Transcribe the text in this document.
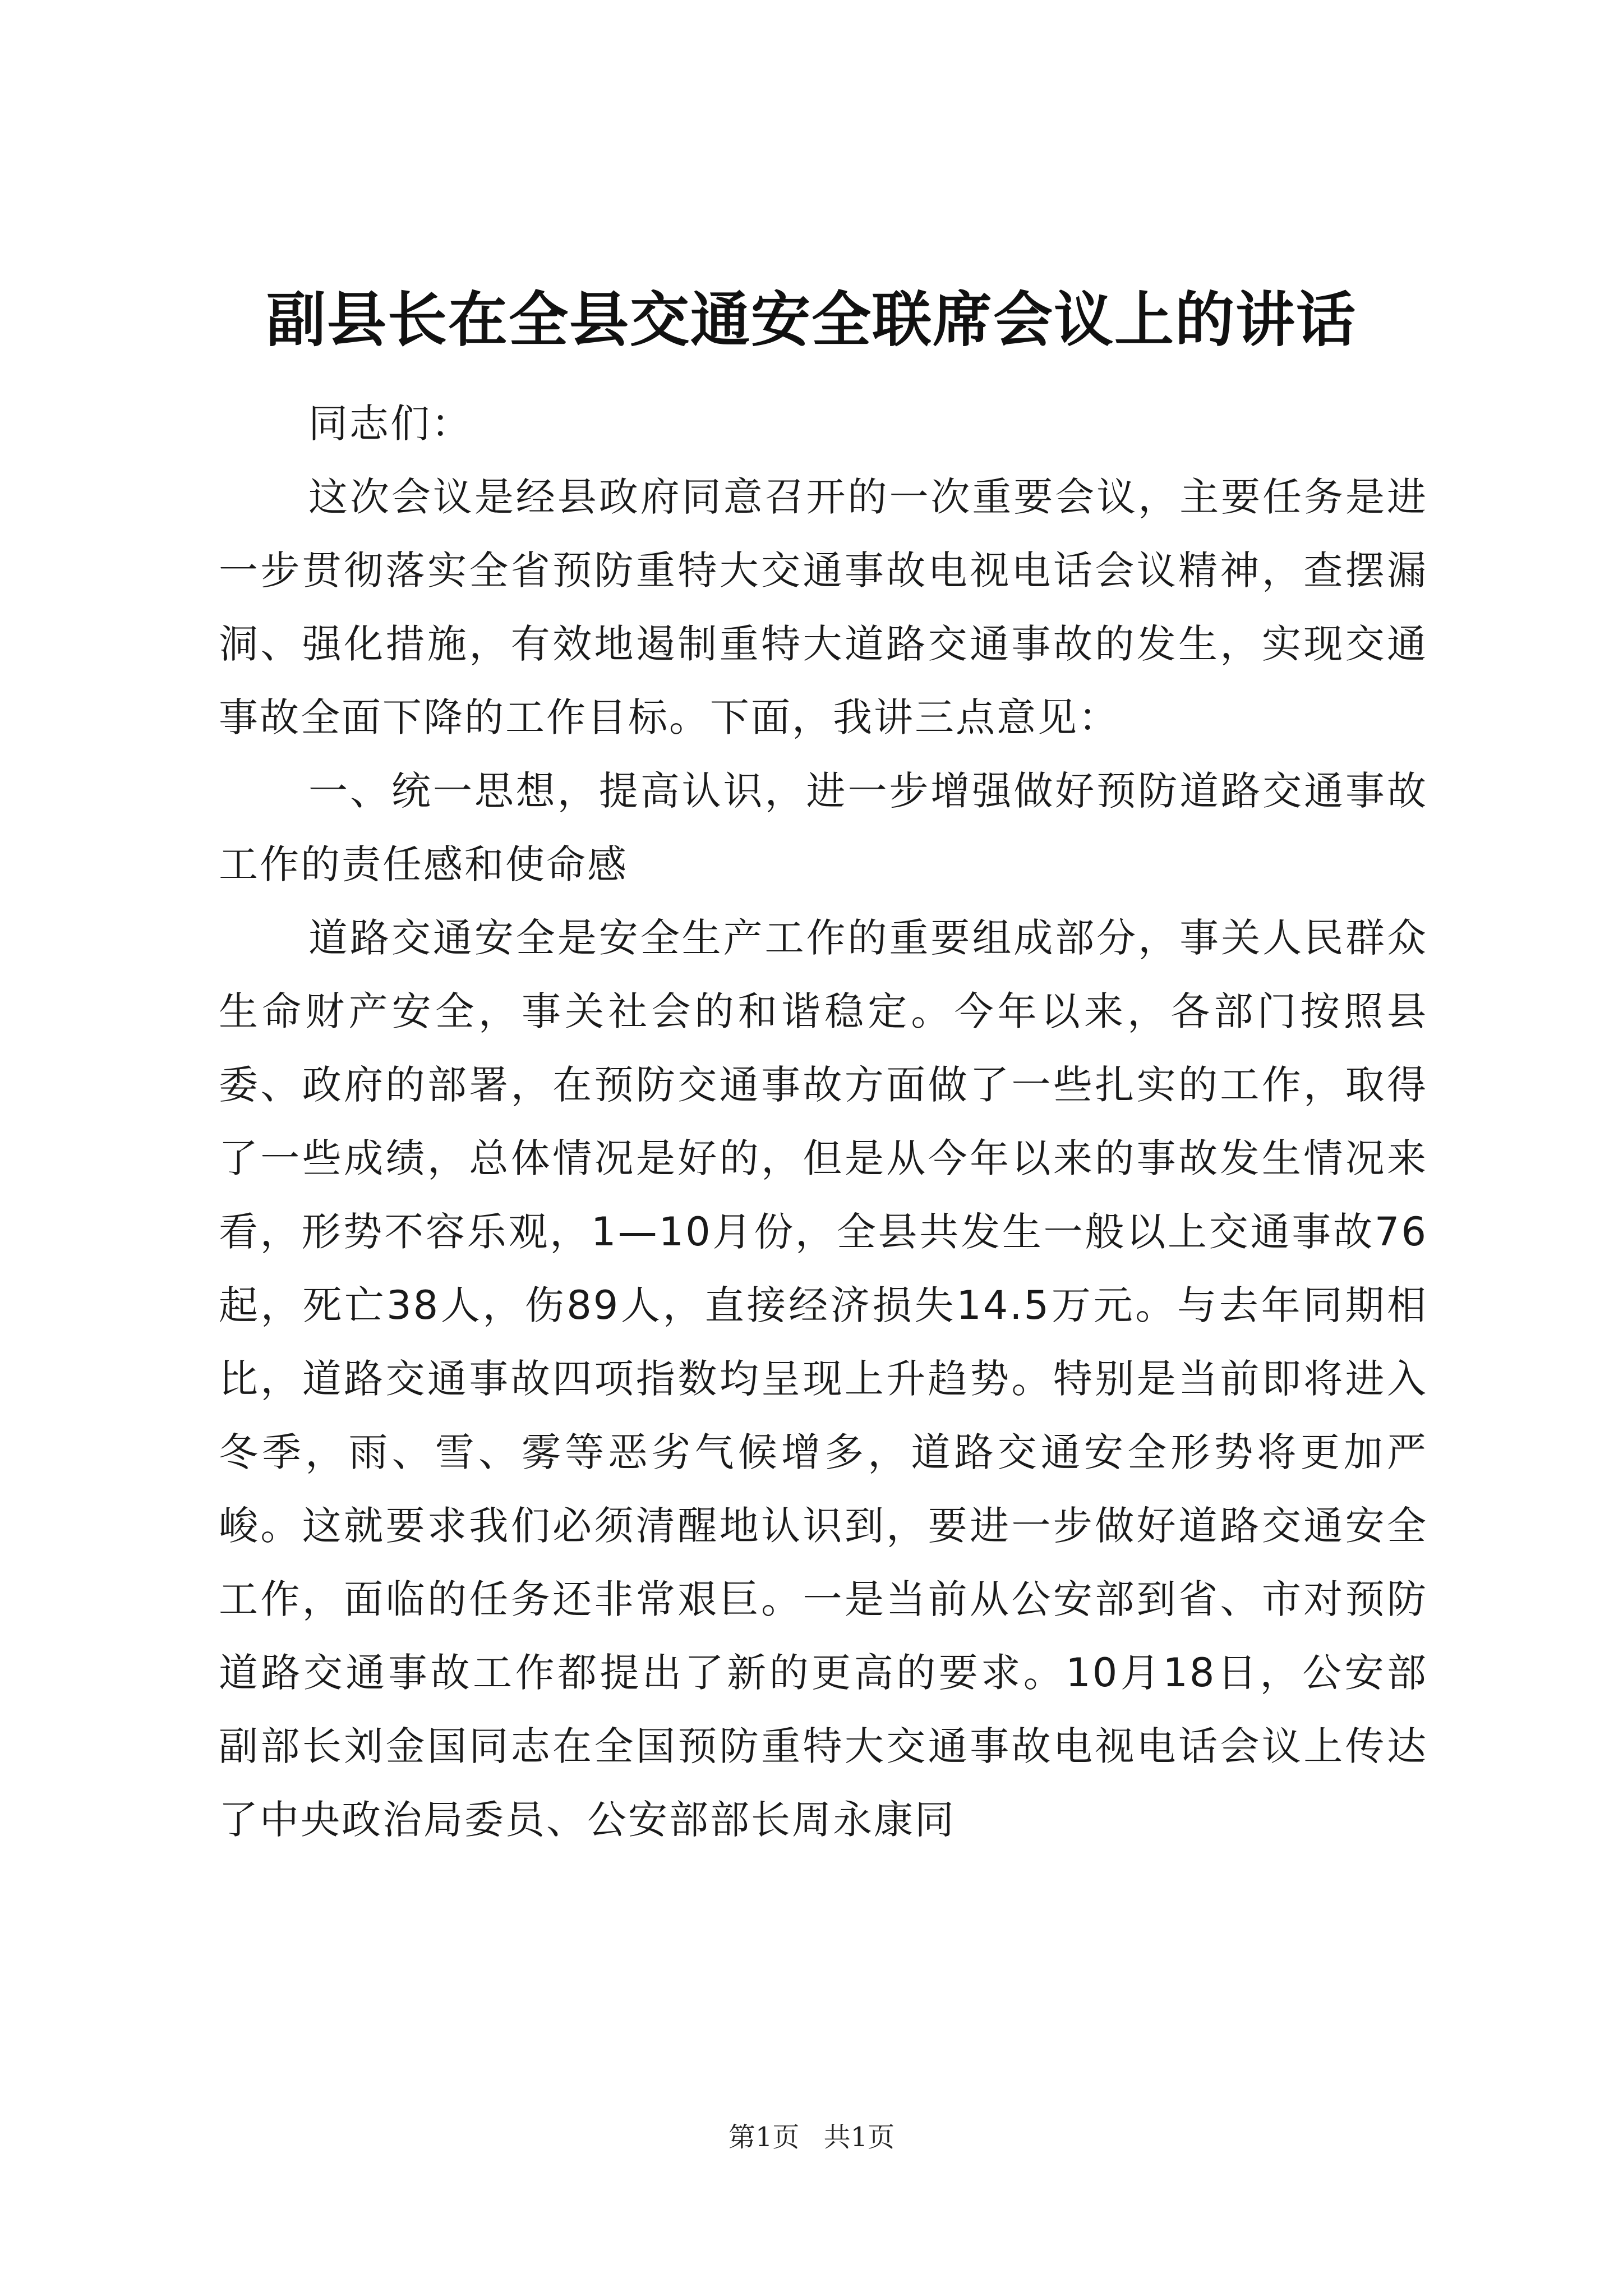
副县长在全县交通安全联席会议上的讲话

同志们：

这次会议是经县政府同意召开的一次重要会议，主要任务是进一步贯彻落实全省预防重特大交通事故电视电话会议精神，查摆漏洞、强化措施，有效地遏制重特大道路交通事故的发生，实现交通事故全面下降的工作目标。下面，我讲三点意见：

一、统一思想，提高认识，进一步增强做好预防道路交通事故工作的责任感和使命感

道路交通安全是安全生产工作的重要组成部分，事关人民群众生命财产安全，事关社会的和谐稳定。今年以来，各部门按照县委、政府的部署，在预防交通事故方面做了一些扎实的工作，取得了一些成绩，总体情况是好的，但是从今年以来的事故发生情况来看，形势不容乐观，1—10月份，全县共发生一般以上交通事故76起，死亡38人，伤89人，直接经济损失14.5万元。与去年同期相比，道路交通事故四项指数均呈现上升趋势。特别是当前即将进入冬季，雨、雪、雾等恶劣气候增多，道路交通安全形势将更加严峻。这就要求我们必须清醒地认识到，要进一步做好道路交通安全工作，面临的任务还非常艰巨。一是当前从公安部到省、市对预防道路交通事故工作都提出了新的更高的要求。10月18日，公安部副部长刘金国同志在全国预防重特大交通事故电视电话会议上传达了中央政治局委员、公安部部长周永康同

第1页 共1页
